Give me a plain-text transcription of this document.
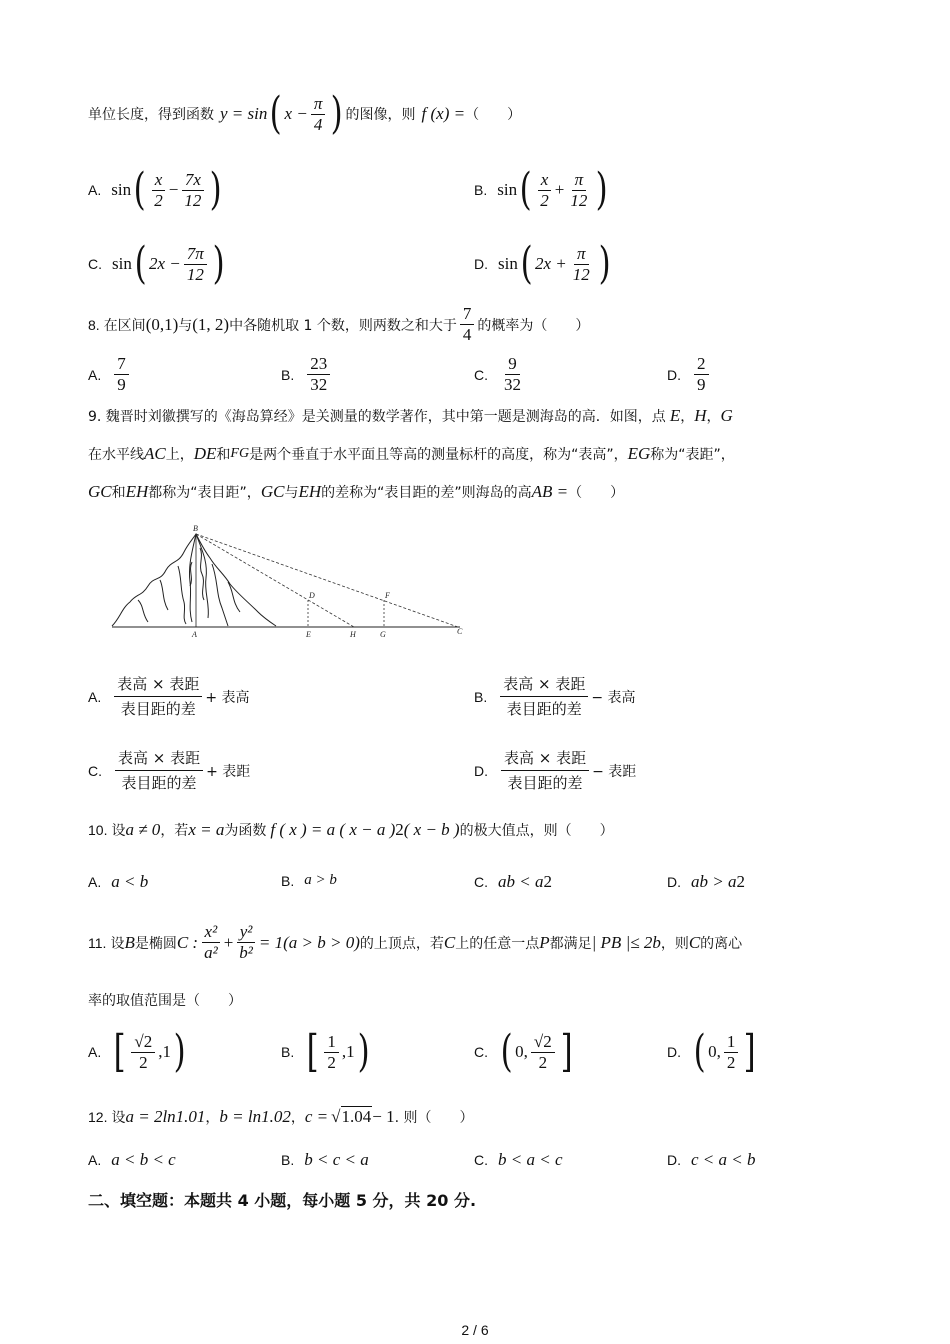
单位长度，得到函数 y = sin ( $x - \frac{\pi}{4}$ ) 的图像，则 f (x) = （　　）
A. sin ( $\frac{x}{2} - \frac{7x}{12}$ )	B. sin ( $\frac{x}{2} + \frac{\pi}{12}$ )
C. sin ( $2x - \frac{7\pi}{12}$ )	D. sin ( $2x + \frac{\pi}{12}$ )
8. 在区间 (0,1) 与 (1, 2) 中各随机取 1 个数，则两数之和大于 $\frac{7}{4}$ 的概率为（　　）
A. $\frac{7}{9}$	B. $\frac{23}{32}$	C. $\frac{9}{32}$	D. $\frac{2}{9}$
9. 魏晋时刘徽撰写的《海岛算经》是关测量的数学著作，其中第一题是测海岛的高．如图，点 E ， H ， G
在水平线 AC 上， DE 和 FG 是两个垂直于水平面且等高的测量标杆的高度，称为“表高”， EG 称为“表距”，
GC 和 EH 都称为“表目距”， GC 与 EH 的差称为“表目距的差”则海岛的高 AB = （　　）
B
A
D	F
E	H	G	C
A. $\frac{\text{表高 × 表距}}{\text{表目距的差}}$ + 表高	B. $\frac{\text{表高 × 表距}}{\text{表目距的差}}$ − 表高
C. $\frac{\text{表高 × 表距}}{\text{表目距的差}}$ + 表距	D. $\frac{\text{表高 × 表距}}{\text{表目距的差}}$ − 表距
10. 设 a ≠ 0 ，若 x = a 为函数 f ( x ) = a ( x − a ) 2 ( x − b ) 的极大值点，则（　　）
A. a < b	B. a > b	C. ab < a 2	D. ab > a 2
11. 设 B 是椭圆 C : $\frac{\text{x²}}{\text{a²}} + \frac{\text{y²}}{\text{b²}} = 1(a > b > 0)$ 的上顶点，若 C 上的任意一点 P 都满足 | PB |≤ 2b ，则 C 的离心
率的取值范围是（　　）
A. [ $\frac{√2}{2} ,1$ )	B. [ $\frac{1}{2} ,1$ )	C. ( 0, $\frac{√2}{2}$ ]	D. ( 0, $\frac{1}{2}$ ]
12. 设 a = 2ln1.01 ， b = ln1.02 ， c = √ 1.04 − 1 . 则（　　）
A. a < b < c	B. b < c < a	C. b < a < c	D. c < a < b
二、填空题：本题共 4 小题，每小题 5 分，共 20 分.
2 / 6
